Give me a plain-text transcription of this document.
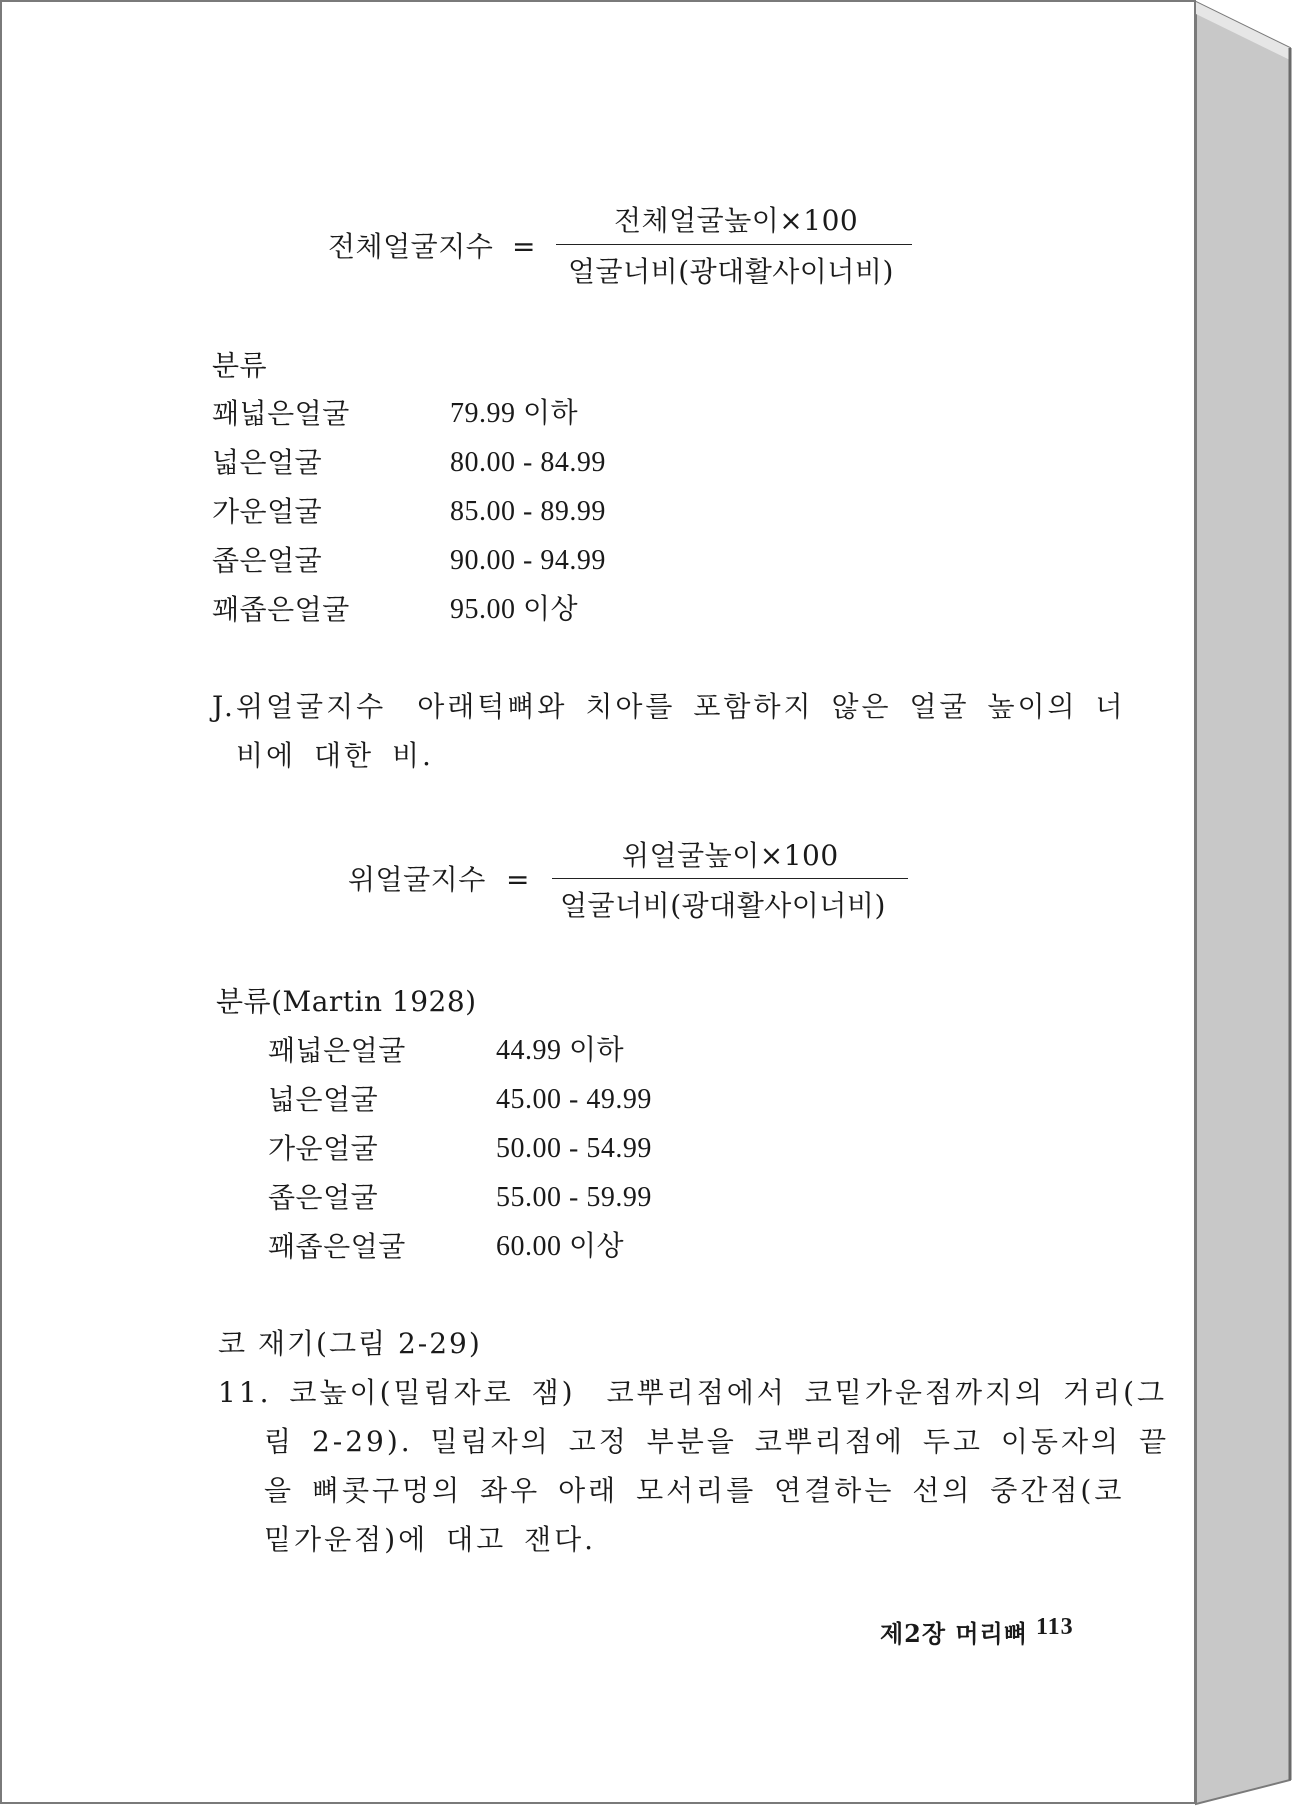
전체얼굴지수 =
전체얼굴높이×100
얼굴너비(광대활사이너비)
분류
꽤넓은얼굴	79.99 이하
넓은얼굴	80.00 - 84.99
가운얼굴	85.00 - 89.99
좁은얼굴	90.00 - 94.99
꽤좁은얼굴	95.00 이상
J.위얼굴지수　아래턱뼈와 치아를 포함하지 않은 얼굴 높이의 너
비에 대한 비.
위얼굴지수 =
위얼굴높이×100
얼굴너비(광대활사이너비)
분류(Martin 1928)
꽤넓은얼굴	44.99 이하
넓은얼굴	45.00 - 49.99
가운얼굴	50.00 - 54.99
좁은얼굴	55.00 - 59.99
꽤좁은얼굴	60.00 이상
코 재기(그림 2-29)
11. 코높이(밀림자로 잼)　코뿌리점에서 코밑가운점까지의 거리(그
림 2-29). 밀림자의 고정 부분을 코뿌리점에 두고 이동자의 끝
을 뼈콧구멍의 좌우 아래 모서리를 연결하는 선의 중간점(코
밑가운점)에 대고 잰다.
제2장 머리뼈 113
